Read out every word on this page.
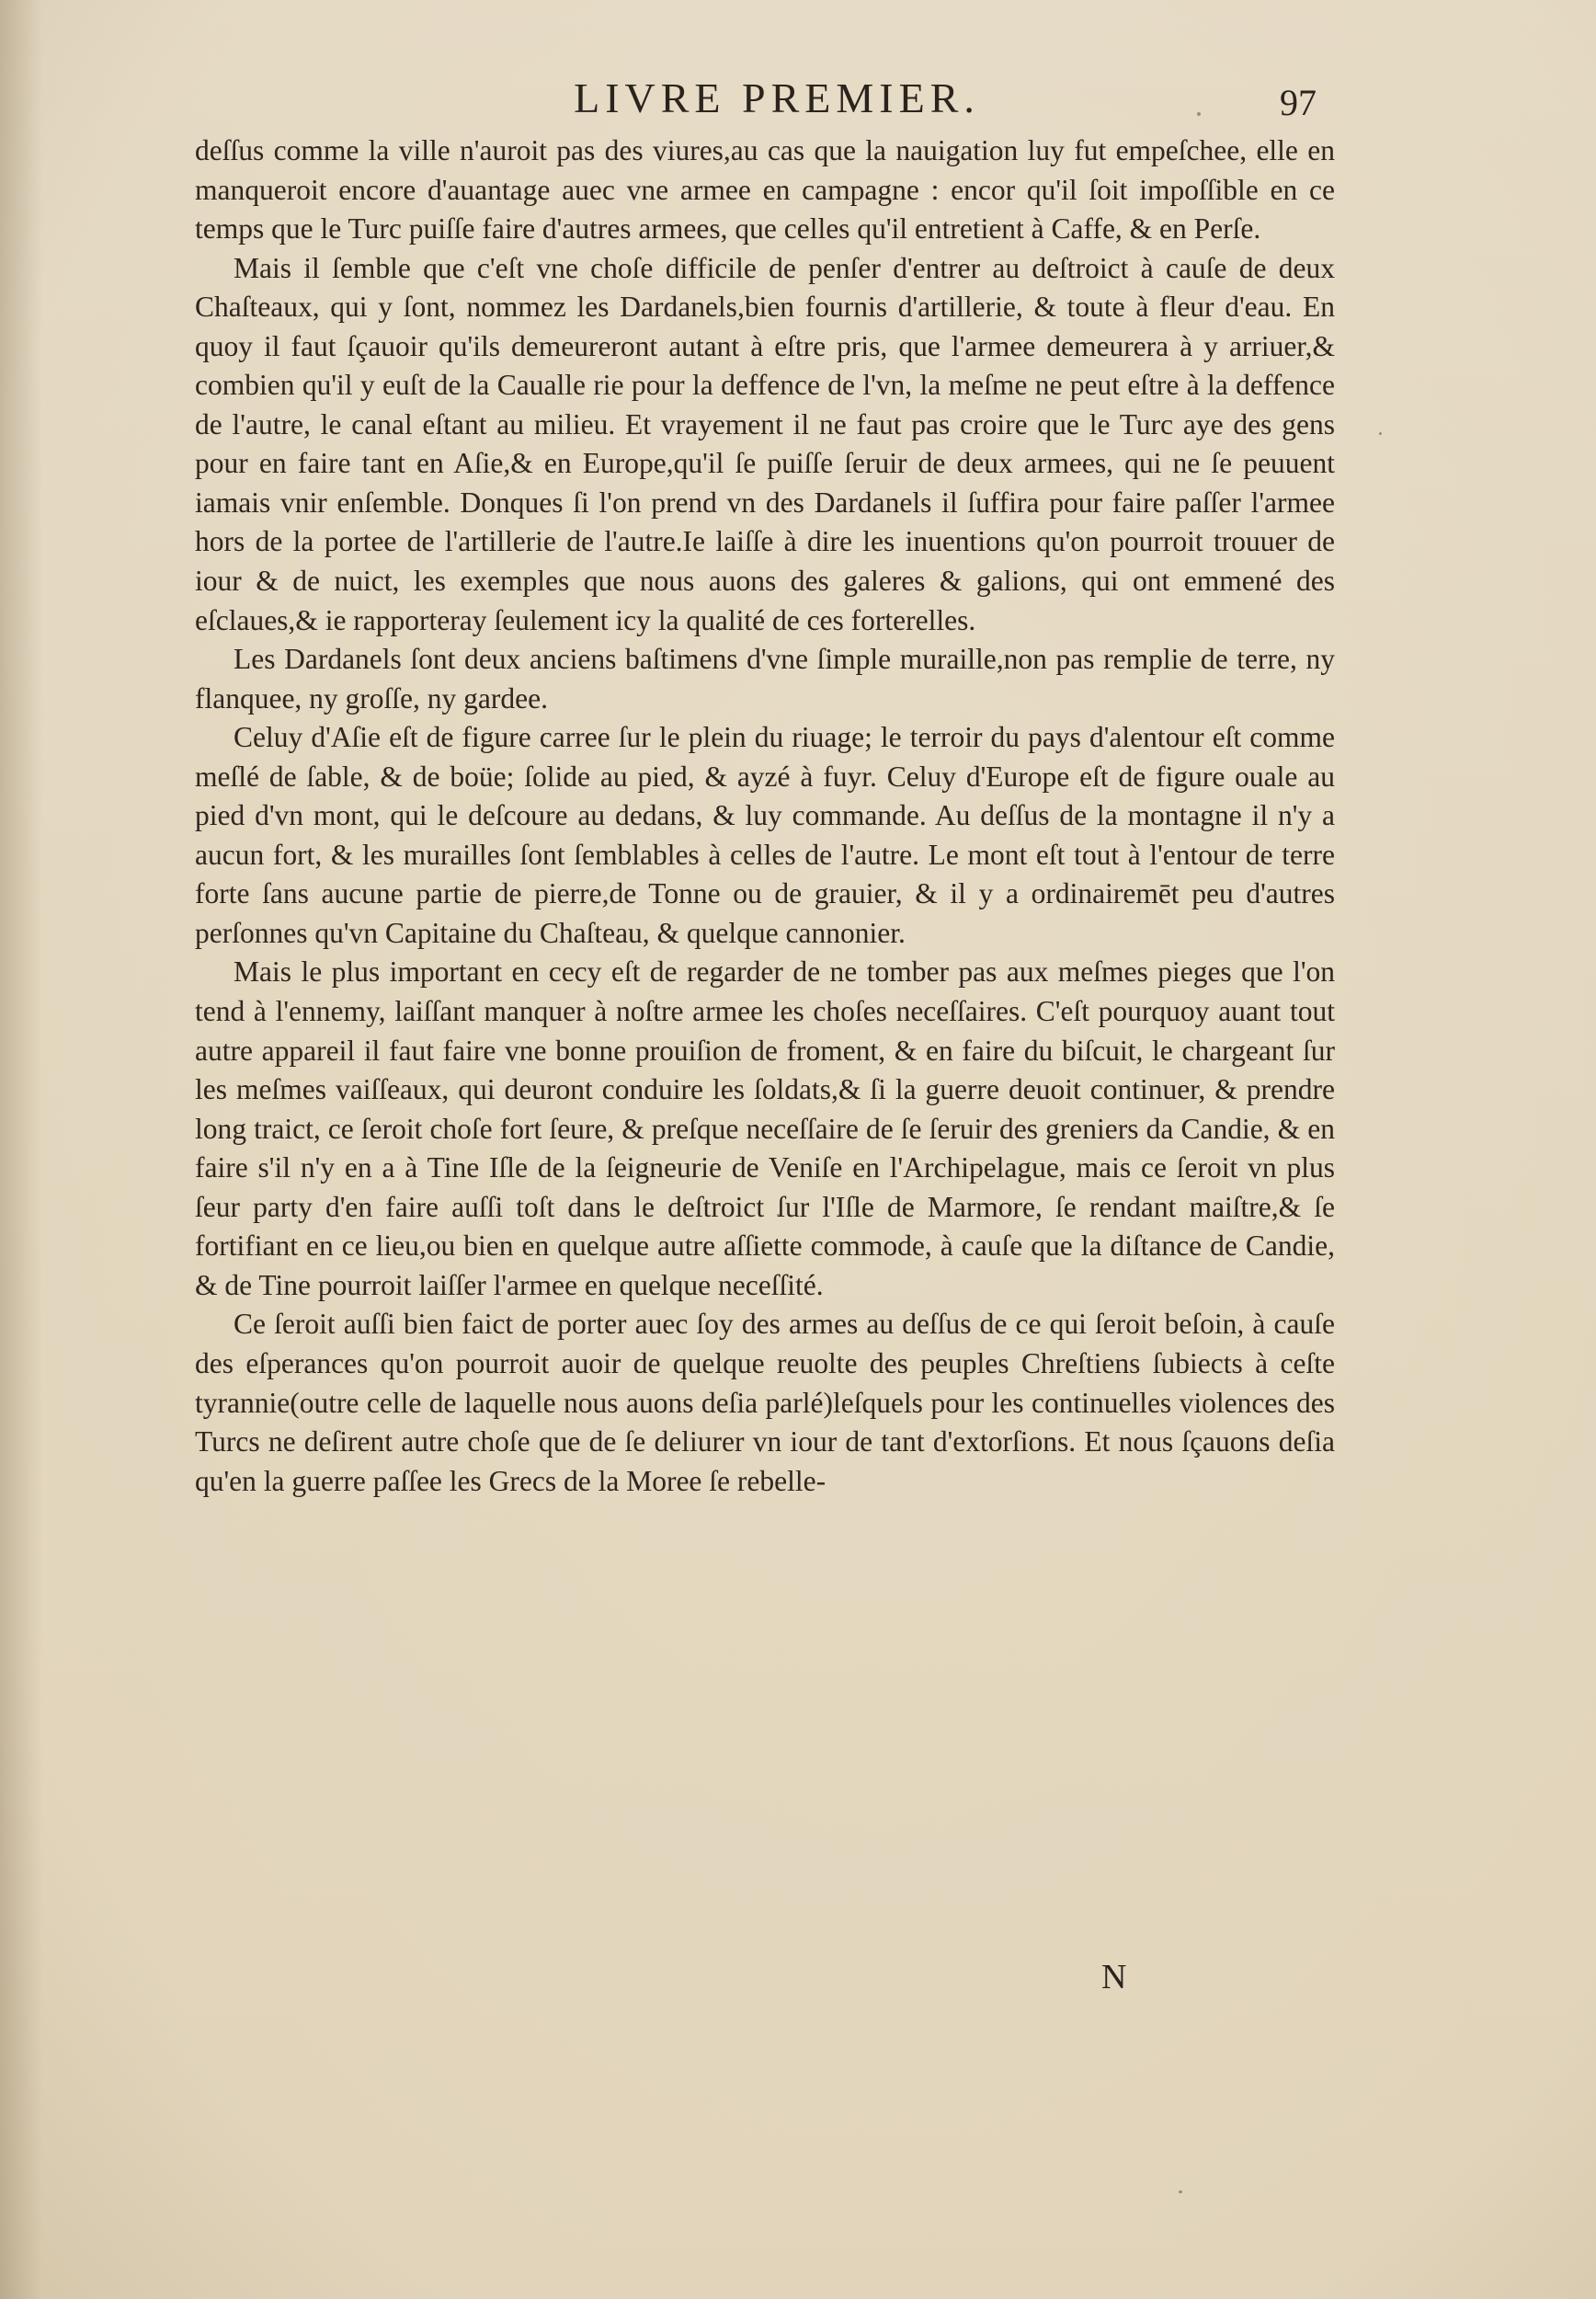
LIVRE PREMIER.	97

deſſus comme la ville n'auroit pas des viures,au cas que la nauigation luy fut empeſchee, elle en manqueroit encore d'auantage auec vne armee en campagne : encor qu'il ſoit impoſſible en ce temps que le Turc puiſſe faire d'autres armees, que celles qu'il entretient à Caffe, & en Perſe.

Mais il ſemble que c'eſt vne choſe difficile de penſer d'entrer au deſtroict à cauſe de deux Chaſteaux, qui y ſont, nommez les Dardanels,bien fournis d'artillerie, & toute à fleur d'eau. En quoy il faut ſçauoir qu'ils demeureront autant à eſtre pris, que l'armee demeurera à y arriuer,& combien qu'il y euſt de la Caualle rie pour la deffence de l'vn, la meſme ne peut eſtre à la deffence de l'autre, le canal eſtant au milieu. Et vrayement il ne faut pas croire que le Turc aye des gens pour en faire tant en Aſie,& en Europe,qu'il ſe puiſſe ſeruir de deux armees, qui ne ſe peuuent iamais vnir enſemble. Donques ſi l'on prend vn des Dardanels il ſuffira pour faire paſſer l'armee hors de la portee de l'artillerie de l'autre.Ie laiſſe à dire les inuentions qu'on pourroit trouuer de iour & de nuict, les exemples que nous auons des galeres & galions, qui ont emmené des eſclaues,& ie rapporteray ſeulement icy la qualité de ces forterelles.

Les Dardanels ſont deux anciens baſtimens d'vne ſimple muraille,non pas remplie de terre, ny flanquee, ny groſſe, ny gardee.

Celuy d'Aſie eſt de figure carree ſur le plein du riuage; le terroir du pays d'alentour eſt comme meſlé de ſable, & de boüe; ſolide au pied, & ayzé à fuyr. Celuy d'Europe eſt de figure ouale au pied d'vn mont, qui le deſcoure au dedans, & luy commande. Au deſſus de la montagne il n'y a aucun fort, & les murailles ſont ſemblables à celles de l'autre. Le mont eſt tout à l'entour de terre forte ſans aucune partie de pierre,de Tonne ou de grauier, & il y a ordinairemēt peu d'autres perſonnes qu'vn Capitaine du Chaſteau, & quelque cannonier.

Mais le plus important en cecy eſt de regarder de ne tomber pas aux meſmes pieges que l'on tend à l'ennemy, laiſſant manquer à noſtre armee les choſes neceſſaires. C'eſt pourquoy auant tout autre appareil il faut faire vne bonne prouiſion de froment, & en faire du biſcuit, le chargeant ſur les meſmes vaiſſeaux, qui deuront conduire les ſoldats,& ſi la guerre deuoit continuer, & prendre long traict, ce ſeroit choſe fort ſeure, & preſque neceſſaire de ſe ſeruir des greniers da Candie, & en faire s'il n'y en a à Tine Iſle de la ſeigneurie de Veniſe en l'Archipelague, mais ce ſeroit vn plus ſeur party d'en faire auſſi toſt dans le deſtroict ſur l'Iſle de Marmore, ſe rendant maiſtre,& ſe fortifiant en ce lieu,ou bien en quelque autre aſſiette commode, à cauſe que la diſtance de Candie, & de Tine pourroit laiſſer l'armee en quelque neceſſité.

Ce ſeroit auſſi bien faict de porter auec ſoy des armes au deſſus de ce qui ſeroit beſoin, à cauſe des eſperances qu'on pourroit auoir de quelque reuolte des peuples Chreſtiens ſubiects à ceſte tyrannie(outre celle de laquelle nous auons deſia parlé)leſquels pour les continuelles violences des Turcs ne deſirent autre choſe que de ſe deliurer vn iour de tant d'extorſions. Et nous ſçauons deſia qu'en la guerre paſſee les Grecs de la Moree ſe rebelle-

N
